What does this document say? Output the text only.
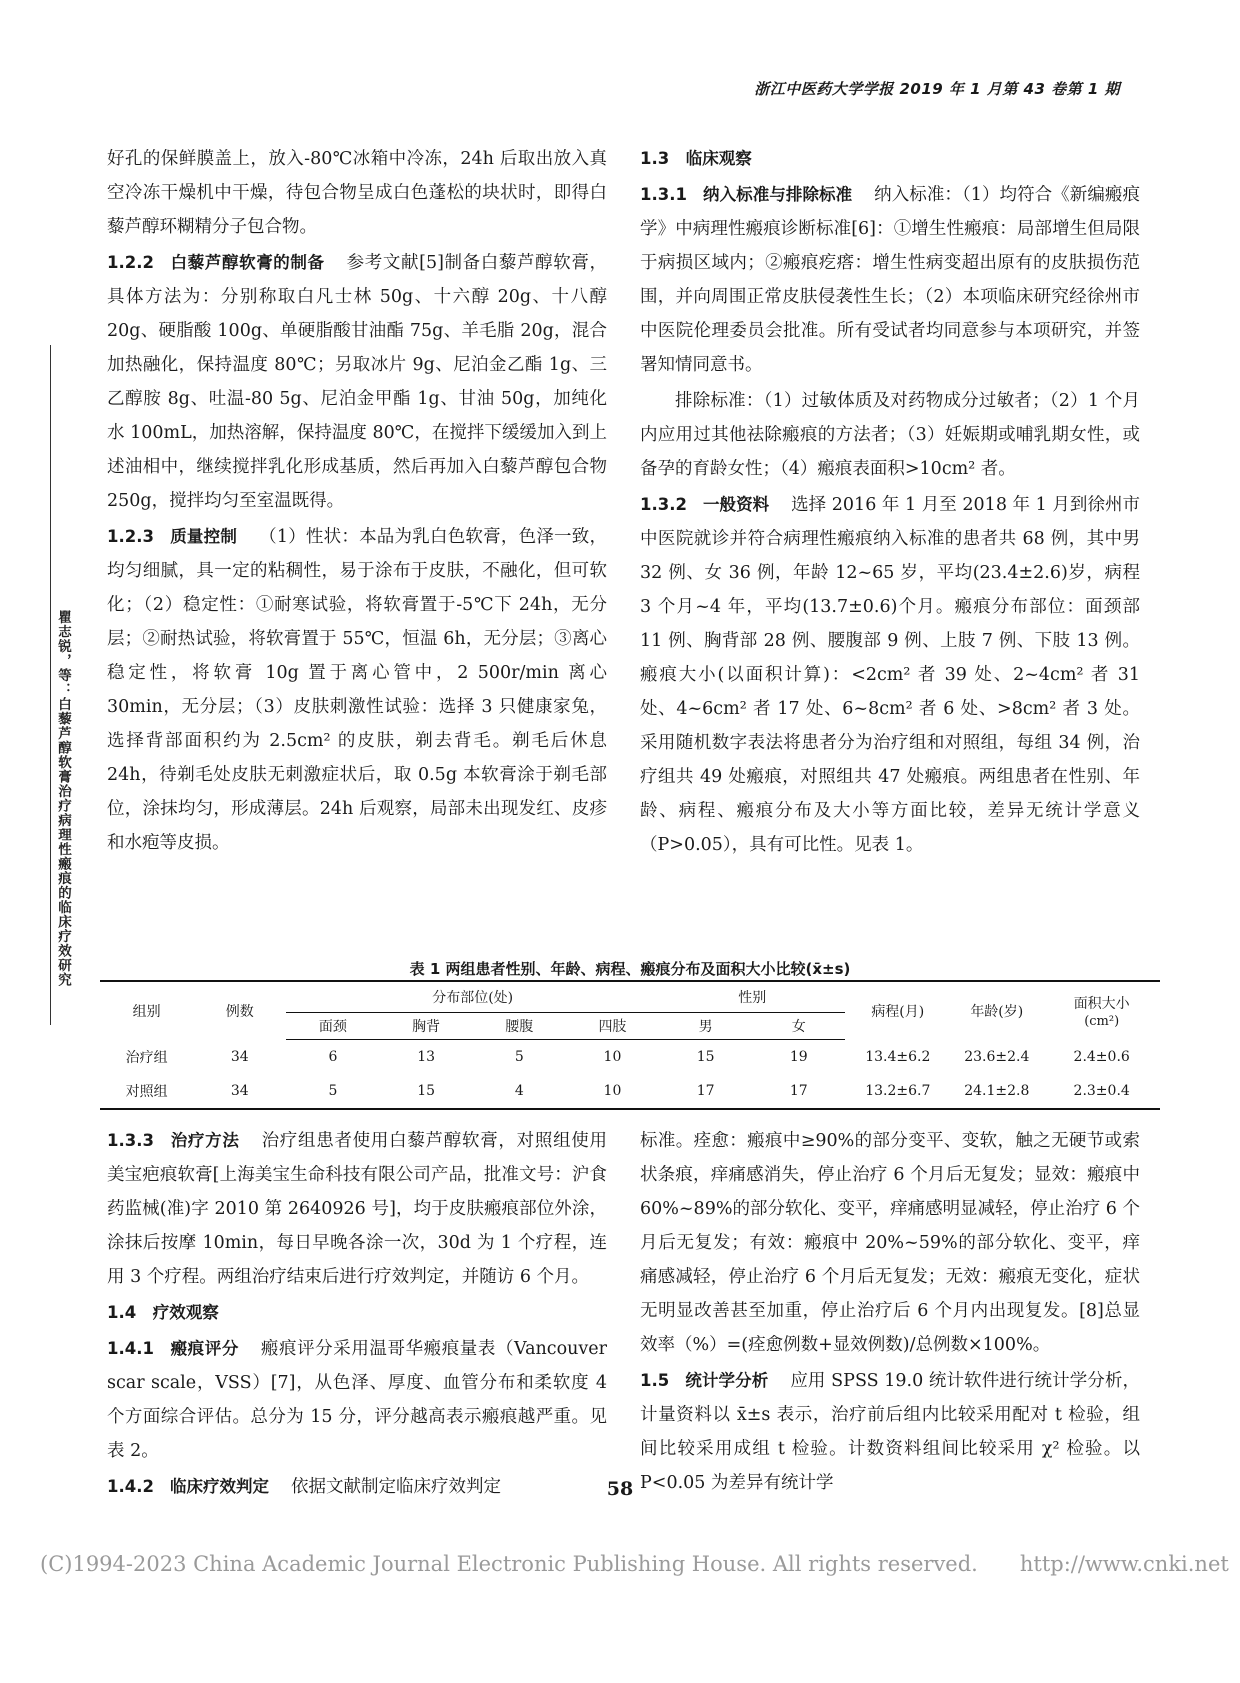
浙江中医药大学学报 2019 年 1 月第 43 卷第 1 期
瞿志锐，等：白藜芦醇软膏治疗病理性瘢痕的临床疗效研究

好孔的保鲜膜盖上，放入-80℃冰箱中冷冻，24h 后取出放入真空冷冻干燥机中干燥，待包合物呈成白色蓬松的块状时，即得白藜芦醇环糊精分子包合物。

1.2.2 白藜芦醇软膏的制备 参考文献[5]制备白藜芦醇软膏，具体方法为：分别称取白凡士林 50g、十六醇 20g、十八醇 20g、硬脂酸 100g、单硬脂酸甘油酯 75g、羊毛脂 20g，混合加热融化，保持温度 80℃；另取冰片 9g、尼泊金乙酯 1g、三乙醇胺 8g、吐温-80 5g、尼泊金甲酯 1g、甘油 50g，加纯化水 100mL，加热溶解，保持温度 80℃，在搅拌下缓缓加入到上述油相中，继续搅拌乳化形成基质，然后再加入白藜芦醇包合物 250g，搅拌均匀至室温既得。

1.2.3 质量控制 （1）性状：本品为乳白色软膏，色泽一致，均匀细腻，具一定的粘稠性，易于涂布于皮肤，不融化，但可软化；（2）稳定性：①耐寒试验，将软膏置于-5℃下 24h，无分层；②耐热试验，将软膏置于 55℃，恒温 6h，无分层；③离心稳定性，将软膏 10g 置于离心管中，2 500r/min 离心 30min，无分层；（3）皮肤刺激性试验：选择 3 只健康家兔，选择背部面积约为 2.5cm² 的皮肤，剃去背毛。剃毛后休息 24h，待剃毛处皮肤无刺激症状后，取 0.5g 本软膏涂于剃毛部位，涂抹均匀，形成薄层。24h 后观察，局部未出现发红、皮疹和水疱等皮损。

1.3　临床观察

1.3.1 纳入标准与排除标准 纳入标准：（1）均符合《新编瘢痕学》中病理性瘢痕诊断标准[6]：①增生性瘢痕：局部增生但局限于病损区域内；②瘢痕疙瘩：增生性病变超出原有的皮肤损伤范围，并向周围正常皮肤侵袭性生长；（2）本项临床研究经徐州市中医院伦理委员会批准。所有受试者均同意参与本项研究，并签署知情同意书。

排除标准：（1）过敏体质及对药物成分过敏者；（2）1 个月内应用过其他祛除瘢痕的方法者；（3）妊娠期或哺乳期女性，或备孕的育龄女性；（4）瘢痕表面积>10cm² 者。

1.3.2 一般资料 选择 2016 年 1 月至 2018 年 1 月到徐州市中医院就诊并符合病理性瘢痕纳入标准的患者共 68 例，其中男 32 例、女 36 例，年龄 12~65 岁，平均(23.4±2.6)岁，病程 3 个月~4 年，平均(13.7±0.6)个月。瘢痕分布部位：面颈部 11 例、胸背部 28 例、腰腹部 9 例、上肢 7 例、下肢 13 例。瘢痕大小(以面积计算)：<2cm² 者 39 处、2~4cm² 者 31 处、4~6cm² 者 17 处、6~8cm² 者 6 处、>8cm² 者 3 处。采用随机数字表法将患者分为治疗组和对照组，每组 34 例，治疗组共 49 处瘢痕，对照组共 47 处瘢痕。两组患者在性别、年龄、病程、瘢痕分布及大小等方面比较，差异无统计学意义（P>0.05），具有可比性。见表 1。

表 1 两组患者性别、年龄、病程、瘢痕分布及面积大小比较(x̄±s)
组别	例数	分布部位(处)				性别		病程(月)	年龄(岁)	面积大小
(cm²)
		面颈	胸背	腰腹	四肢	男	女			
治疗组	34	6	13	5	10	15	19	13.4±6.2	23.6±2.4	2.4±0.6
对照组	34	5	15	4	10	17	17	13.2±6.7	24.1±2.8	2.3±0.4

1.3.3 治疗方法 治疗组患者使用白藜芦醇软膏，对照组使用美宝疤痕软膏[上海美宝生命科技有限公司产品，批准文号：沪食药监械(准)字 2010 第 2640926 号]，均于皮肤瘢痕部位外涂，涂抹后按摩 10min，每日早晚各涂一次，30d 为 1 个疗程，连用 3 个疗程。两组治疗结束后进行疗效判定，并随访 6 个月。

1.4　疗效观察

1.4.1 瘢痕评分 瘢痕评分采用温哥华瘢痕量表（Vancouver scar scale，VSS）[7]，从色泽、厚度、血管分布和柔软度 4 个方面综合评估。总分为 15 分，评分越高表示瘢痕越严重。见表 2。

1.4.2 临床疗效判定 依据文献制定临床疗效判定

标准。痊愈：瘢痕中≥90%的部分变平、变软，触之无硬节或索状条痕，痒痛感消失，停止治疗 6 个月后无复发；显效：瘢痕中 60%~89%的部分软化、变平，痒痛感明显减轻，停止治疗 6 个月后无复发；有效：瘢痕中 20%~59%的部分软化、变平，痒痛感减轻，停止治疗 6 个月后无复发；无效：瘢痕无变化，症状无明显改善甚至加重，停止治疗后 6 个月内出现复发。[8]总显效率（%）=(痊愈例数+显效例数)/总例数×100%。

1.5 统计学分析 应用 SPSS 19.0 统计软件进行统计学分析，计量资料以 x̄±s 表示，治疗前后组内比较采用配对 t 检验，组间比较采用成组 t 检验。计数资料组间比较采用 χ² 检验。以 P<0.05 为差异有统计学

58
(C)1994-2023 China Academic Journal Electronic Publishing House. All rights reserved.　　http://www.cnki.net
